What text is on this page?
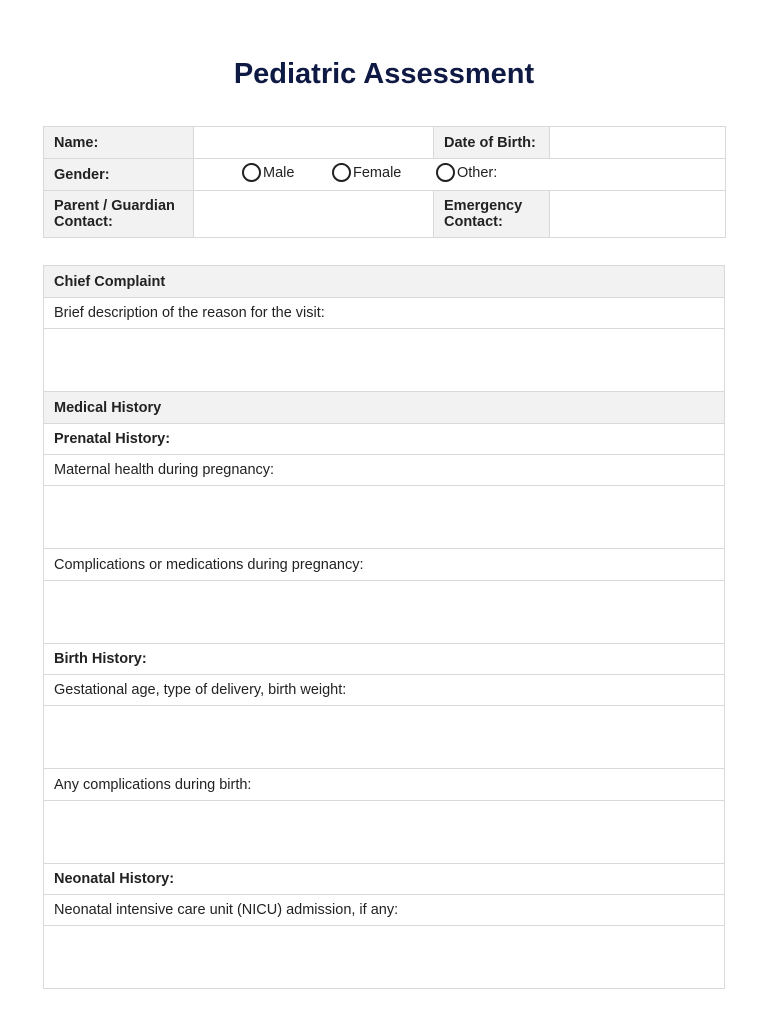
Pediatric Assessment
Name:		Date of Birth:	
Gender:	Male Female Other:		

Parent / Guardian Contact:		Emergency Contact:	
Chief Complaint
Brief description of the reason for the visit:

Medical History
Prenatal History:
Maternal health during pregnancy:

Complications or medications during pregnancy:

Birth History:
Gestational age, type of delivery, birth weight:

Any complications during birth:

Neonatal History:
Neonatal intensive care unit (NICU) admission, if any:
